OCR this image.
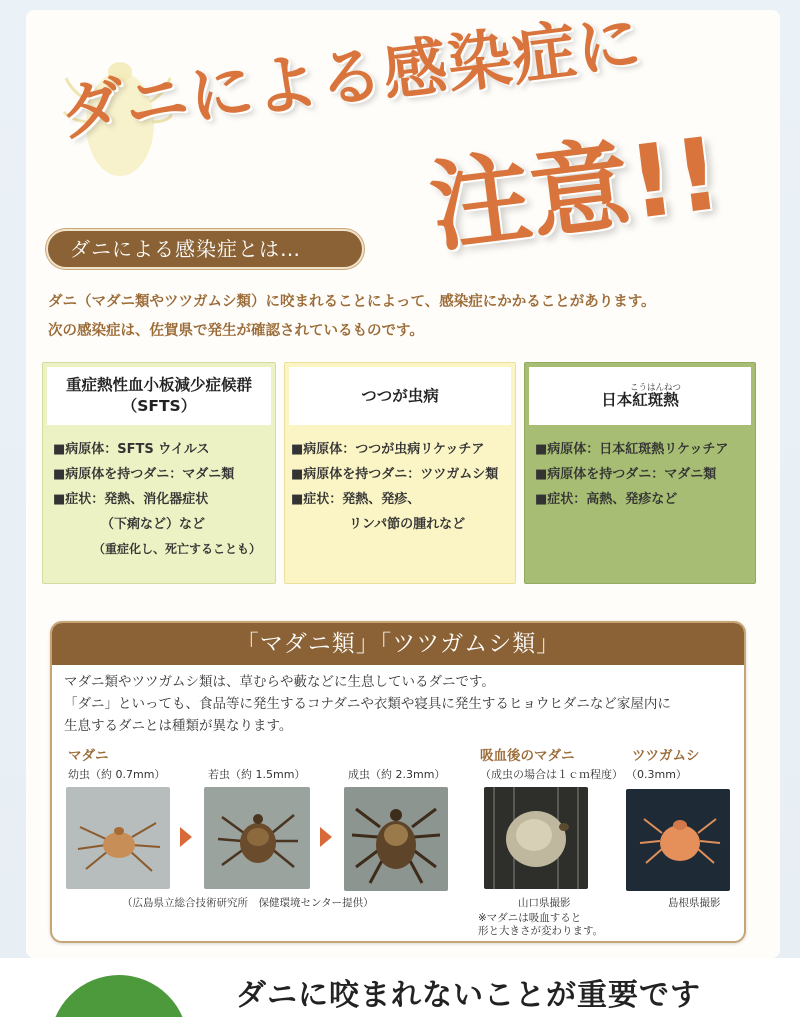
ダニによる感染症に
注意!!
ダニによる感染症とは…
ダニ（マダニ類やツツガムシ類）に咬まれることによって、感染症にかかることがあります。
次の感染症は、佐賀県で発生が確認されているものです。
重症熱性血小板減少症候群
（SFTS）
■病原体：SFTS ウイルス
■病原体を持つダニ：マダニ類
■症状：発熱、消化器症状
（下痢など）など
（重症化し、死亡することも）
つつが虫病
■病原体：つつが虫病リケッチア
■病原体を持つダニ：ツツガムシ類
■症状：発熱、発疹、
リンパ節の腫れなど
日本
こうはんねつ
紅斑熱
■病原体：日本紅斑熱リケッチア
■病原体を持つダニ：マダニ類
■症状：高熱、発疹など
「マダニ類」「ツツガムシ類」
マダニ類やツツガムシ類は、草むらや藪などに生息しているダニです。
「ダニ」といっても、食品等に発生するコナダニや衣類や寝具に発生するヒョウヒダニなど家屋内に
生息するダニとは種類が異なります。
マダニ
幼虫（約 0.7mm）	若虫（約 1.5mm）	成虫（約 2.3mm）
（広島県立総合技術研究所　保健環境センター提供）
吸血後のマダニ
（成虫の場合は１ｃｍ程度）
山口県撮影
※マダニは吸血すると
形と大きさが変わります。
ツツガムシ
（0.3mm）
島根県撮影
ダニに咬まれないことが重要です
